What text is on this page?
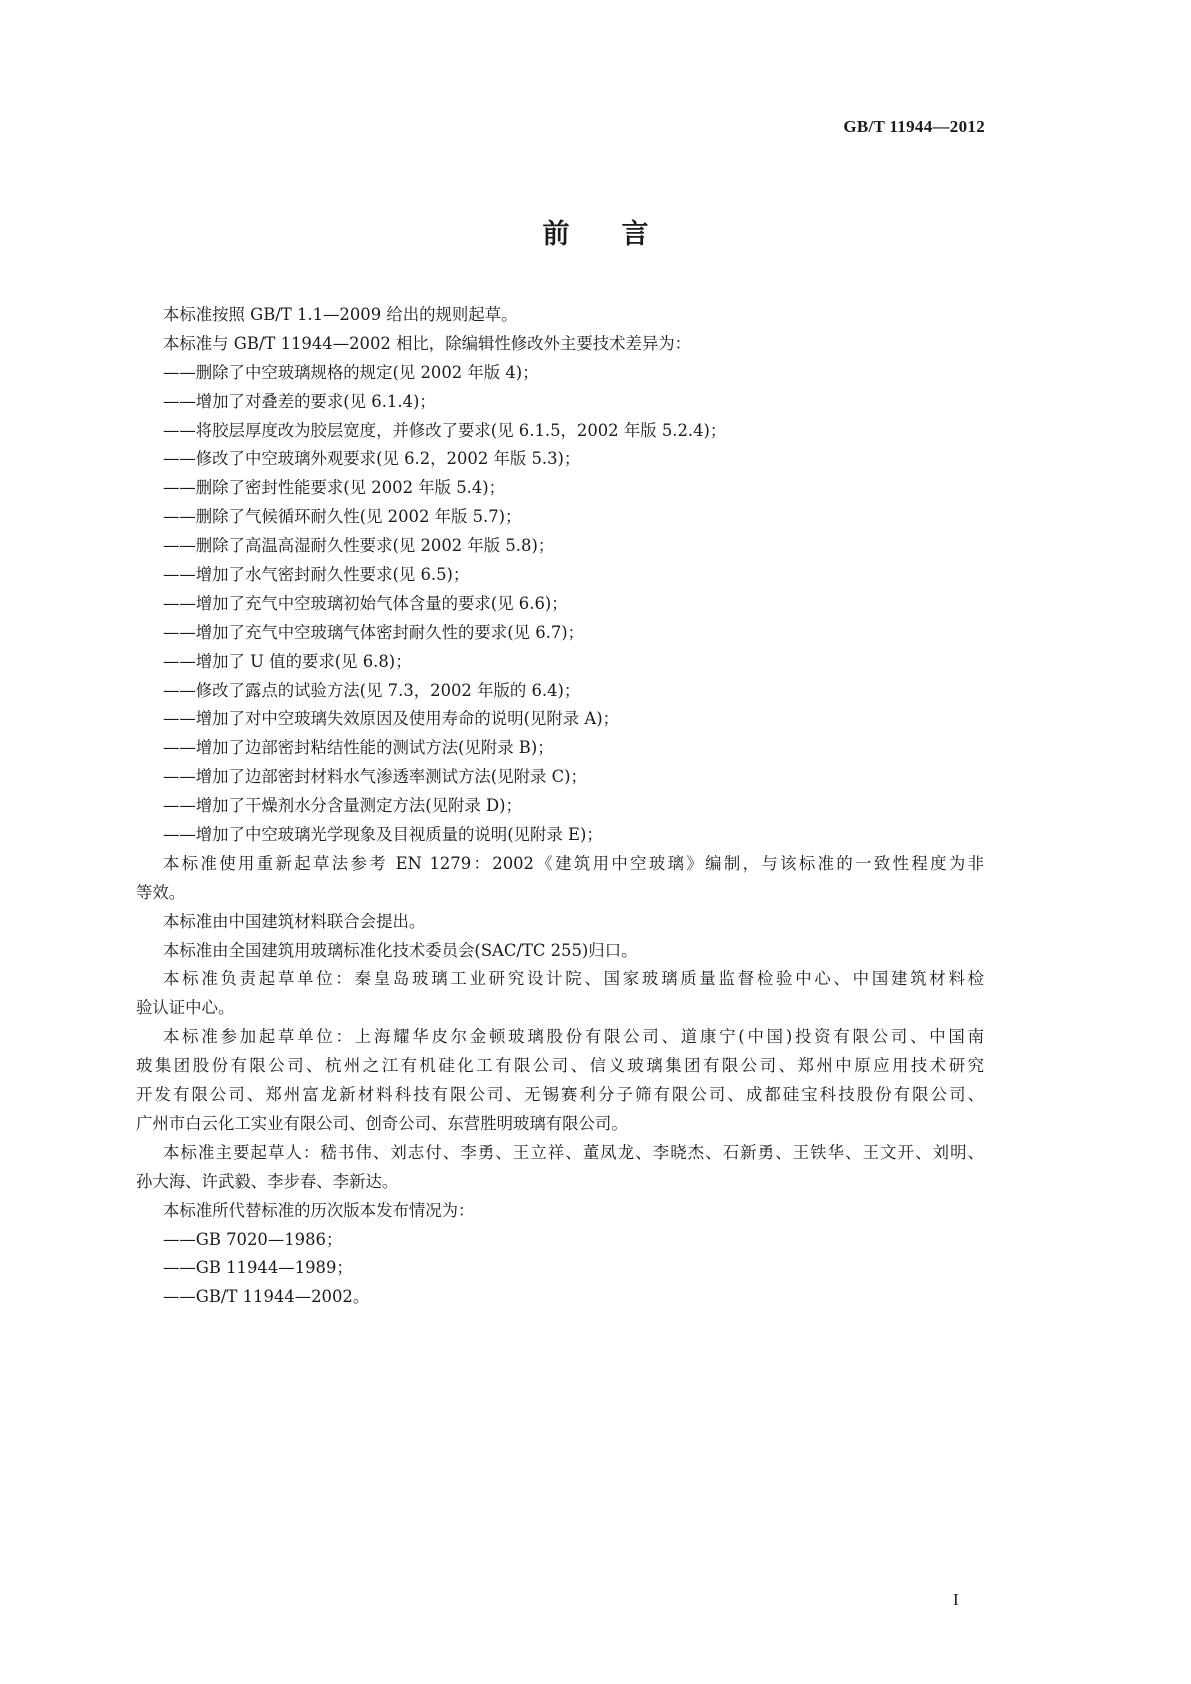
GB/T 11944—2012
前 言
本标准按照 GB/T 1.1—2009 给出的规则起草。
本标准与 GB/T 11944—2002 相比，除编辑性修改外主要技术差异为：
——删除了中空玻璃规格的规定(见 2002 年版 4)；
——增加了对叠差的要求(见 6.1.4)；
——将胶层厚度改为胶层宽度，并修改了要求(见 6.1.5，2002 年版 5.2.4)；
——修改了中空玻璃外观要求(见 6.2，2002 年版 5.3)；
——删除了密封性能要求(见 2002 年版 5.4)；
——删除了气候循环耐久性(见 2002 年版 5.7)；
——删除了高温高湿耐久性要求(见 2002 年版 5.8)；
——增加了水气密封耐久性要求(见 6.5)；
——增加了充气中空玻璃初始气体含量的要求(见 6.6)；
——增加了充气中空玻璃气体密封耐久性的要求(见 6.7)；
——增加了 U 值的要求(见 6.8)；
——修改了露点的试验方法(见 7.3，2002 年版的 6.4)；
——增加了对中空玻璃失效原因及使用寿命的说明(见附录 A)；
——增加了边部密封粘结性能的测试方法(见附录 B)；
——增加了边部密封材料水气渗透率测试方法(见附录 C)；
——增加了干燥剂水分含量测定方法(见附录 D)；
——增加了中空玻璃光学现象及目视质量的说明(见附录 E)；
本标准使用重新起草法参考 EN 1279：2002《建筑用中空玻璃》编制，与该标准的一致性程度为非
等效。
本标准由中国建筑材料联合会提出。
本标准由全国建筑用玻璃标准化技术委员会(SAC/TC 255)归口。
本标准负责起草单位：秦皇岛玻璃工业研究设计院、国家玻璃质量监督检验中心、中国建筑材料检
验认证中心。
本标准参加起草单位：上海耀华皮尔金顿玻璃股份有限公司、道康宁(中国)投资有限公司、中国南
玻集团股份有限公司、杭州之江有机硅化工有限公司、信义玻璃集团有限公司、郑州中原应用技术研究
开发有限公司、郑州富龙新材料科技有限公司、无锡赛利分子筛有限公司、成都硅宝科技股份有限公司、
广州市白云化工实业有限公司、创奇公司、东营胜明玻璃有限公司。
本标准主要起草人：嵇书伟、刘志付、李勇、王立祥、董凤龙、李晓杰、石新勇、王铁华、王文开、刘明、
孙大海、许武毅、李步春、李新达。
本标准所代替标准的历次版本发布情况为：
——GB 7020—1986；
——GB 11944—1989；
——GB/T 11944—2002。
I
